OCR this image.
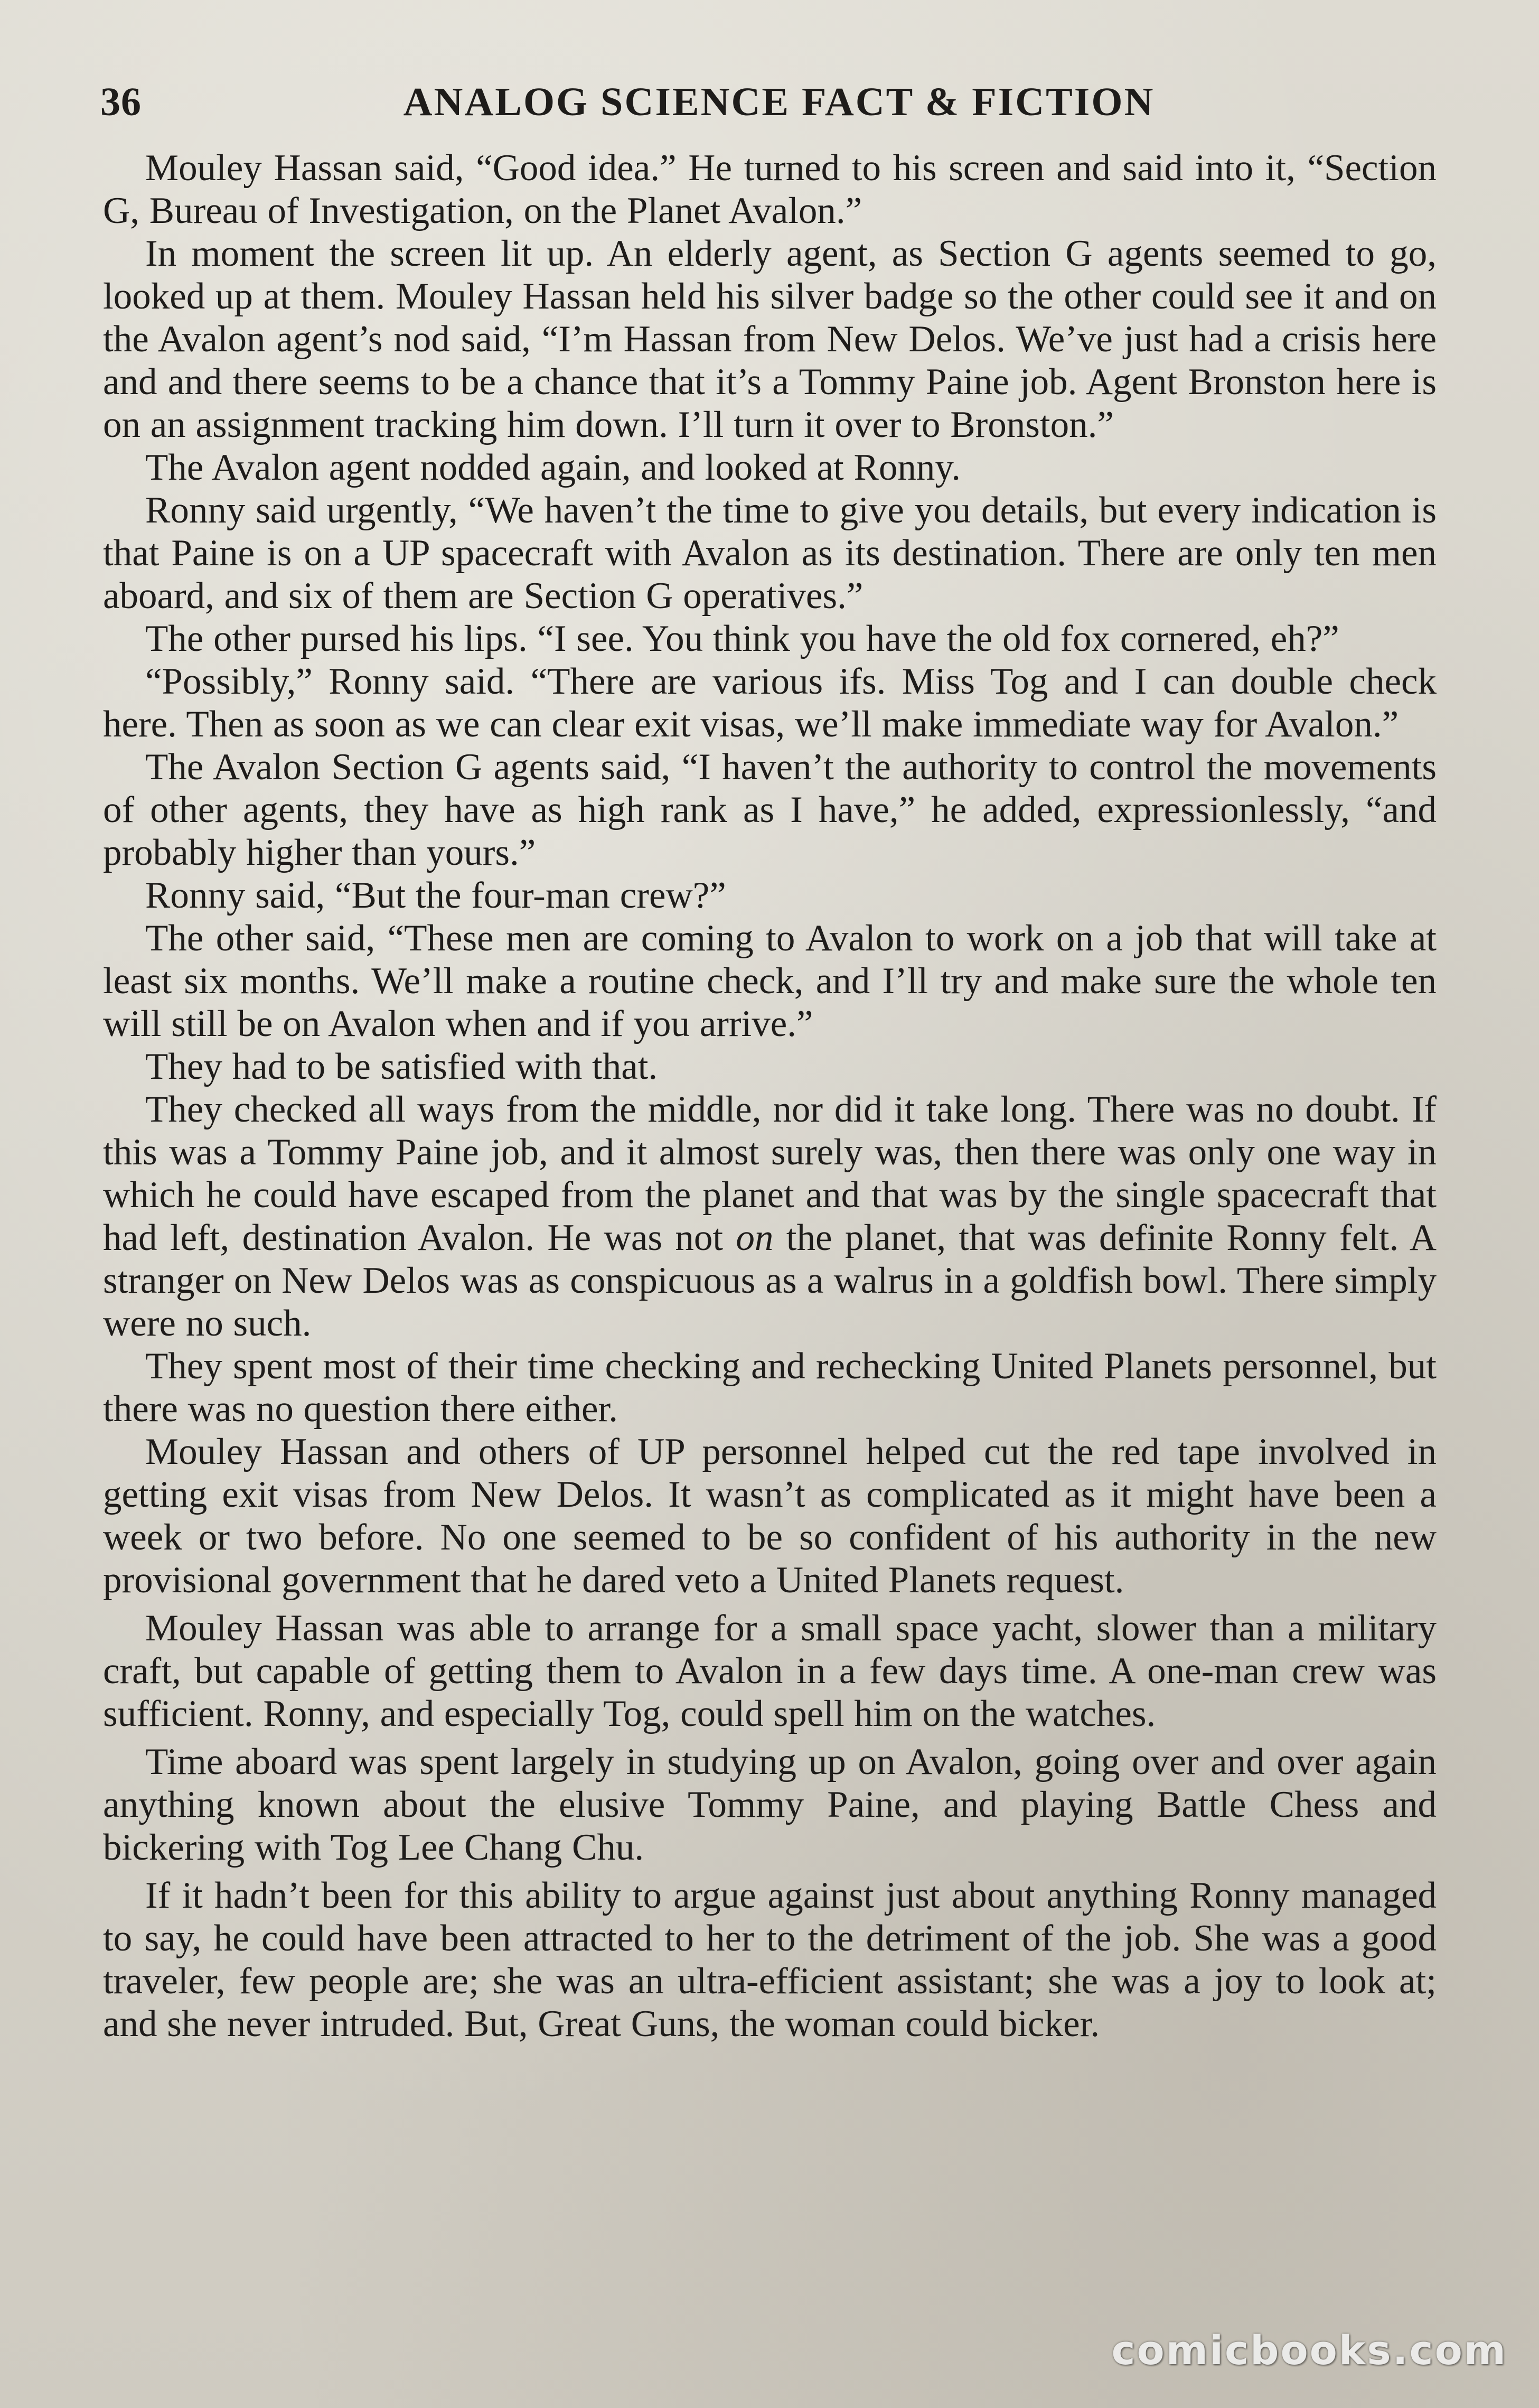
36	ANALOG SCIENCE FACT & FICTION

Mouley Hassan said, “Good idea.” He turned to his screen and said into it, “Section G, Bureau of Investigation, on the Planet Avalon.”

In moment the screen lit up. An elderly agent, as Section G agents seemed to go, looked up at them. Mouley Hassan held his silver badge so the other could see it and on the Avalon agent’s nod said, “I’m Hassan from New Delos. We’ve just had a crisis here and and there seems to be a chance that it’s a Tommy Paine job. Agent Bronston here is on an assignment tracking him down. I’ll turn it over to Bronston.”

The Avalon agent nodded again, and looked at Ronny.

Ronny said urgently, “We haven’t the time to give you details, but every indication is that Paine is on a UP spacecraft with Avalon as its destination. There are only ten men aboard, and six of them are Section G operatives.”

The other pursed his lips. “I see. You think you have the old fox cornered, eh?”

“Possibly,” Ronny said. “There are various ifs. Miss Tog and I can double check here. Then as soon as we can clear exit visas, we’ll make immediate way for Avalon.”

The Avalon Section G agents said, “I haven’t the authority to control the movements of other agents, they have as high rank as I have,” he added, expressionlessly, “and probably higher than yours.”

Ronny said, “But the four-man crew?”

The other said, “These men are coming to Avalon to work on a job that will take at least six months. We’ll make a routine check, and I’ll try and make sure the whole ten will still be on Avalon when and if you arrive.”

They had to be satisfied with that.

They checked all ways from the middle, nor did it take long. There was no doubt. If this was a Tommy Paine job, and it almost surely was, then there was only one way in which he could have escaped from the planet and that was by the single spacecraft that had left, destination Avalon. He was not on the planet, that was definite Ronny felt. A stranger on New Delos was as conspicuous as a walrus in a goldfish bowl. There simply were no such.

They spent most of their time checking and rechecking United Planets personnel, but there was no question there either.

Mouley Hassan and others of UP personnel helped cut the red tape involved in getting exit visas from New Delos. It wasn’t as complicated as it might have been a week or two before. No one seemed to be so confident of his authority in the new provisional government that he dared veto a United Planets request.

Mouley Hassan was able to arrange for a small space yacht, slower than a military craft, but capable of getting them to Avalon in a few days time. A one-man crew was sufficient. Ronny, and especially Tog, could spell him on the watches.

Time aboard was spent largely in studying up on Avalon, going over and over again anything known about the elusive Tommy Paine, and playing Battle Chess and bickering with Tog Lee Chang Chu.

If it hadn’t been for this ability to argue against just about anything Ronny managed to say, he could have been attracted to her to the detriment of the job. She was a good traveler, few people are; she was an ultra-efficient assistant; she was a joy to look at; and she never intruded. But, Great Guns, the woman could bicker.

comicbooks.com
